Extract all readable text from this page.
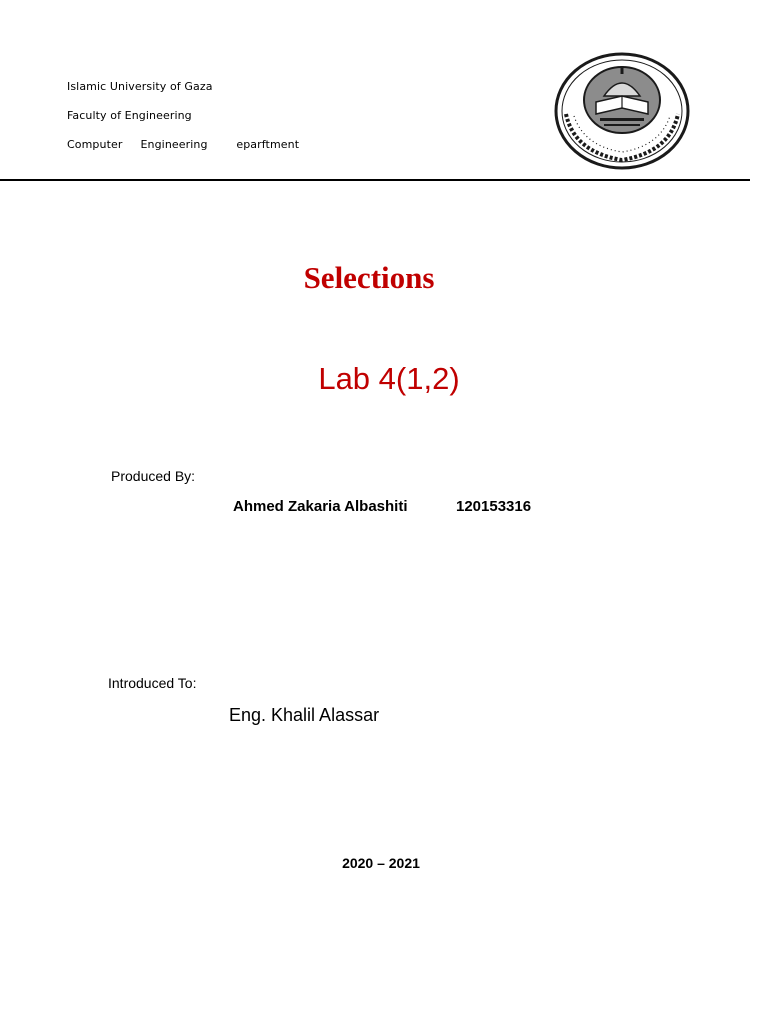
Islamic University of Gaza
Faculty of Engineering
Computer     Engineering        eparftment
Selections
Lab 4(1,2)
Produced By:
Ahmed Zakaria Albashiti	120153316
Introduced To:
Eng. Khalil Alassar
2020 – 2021
